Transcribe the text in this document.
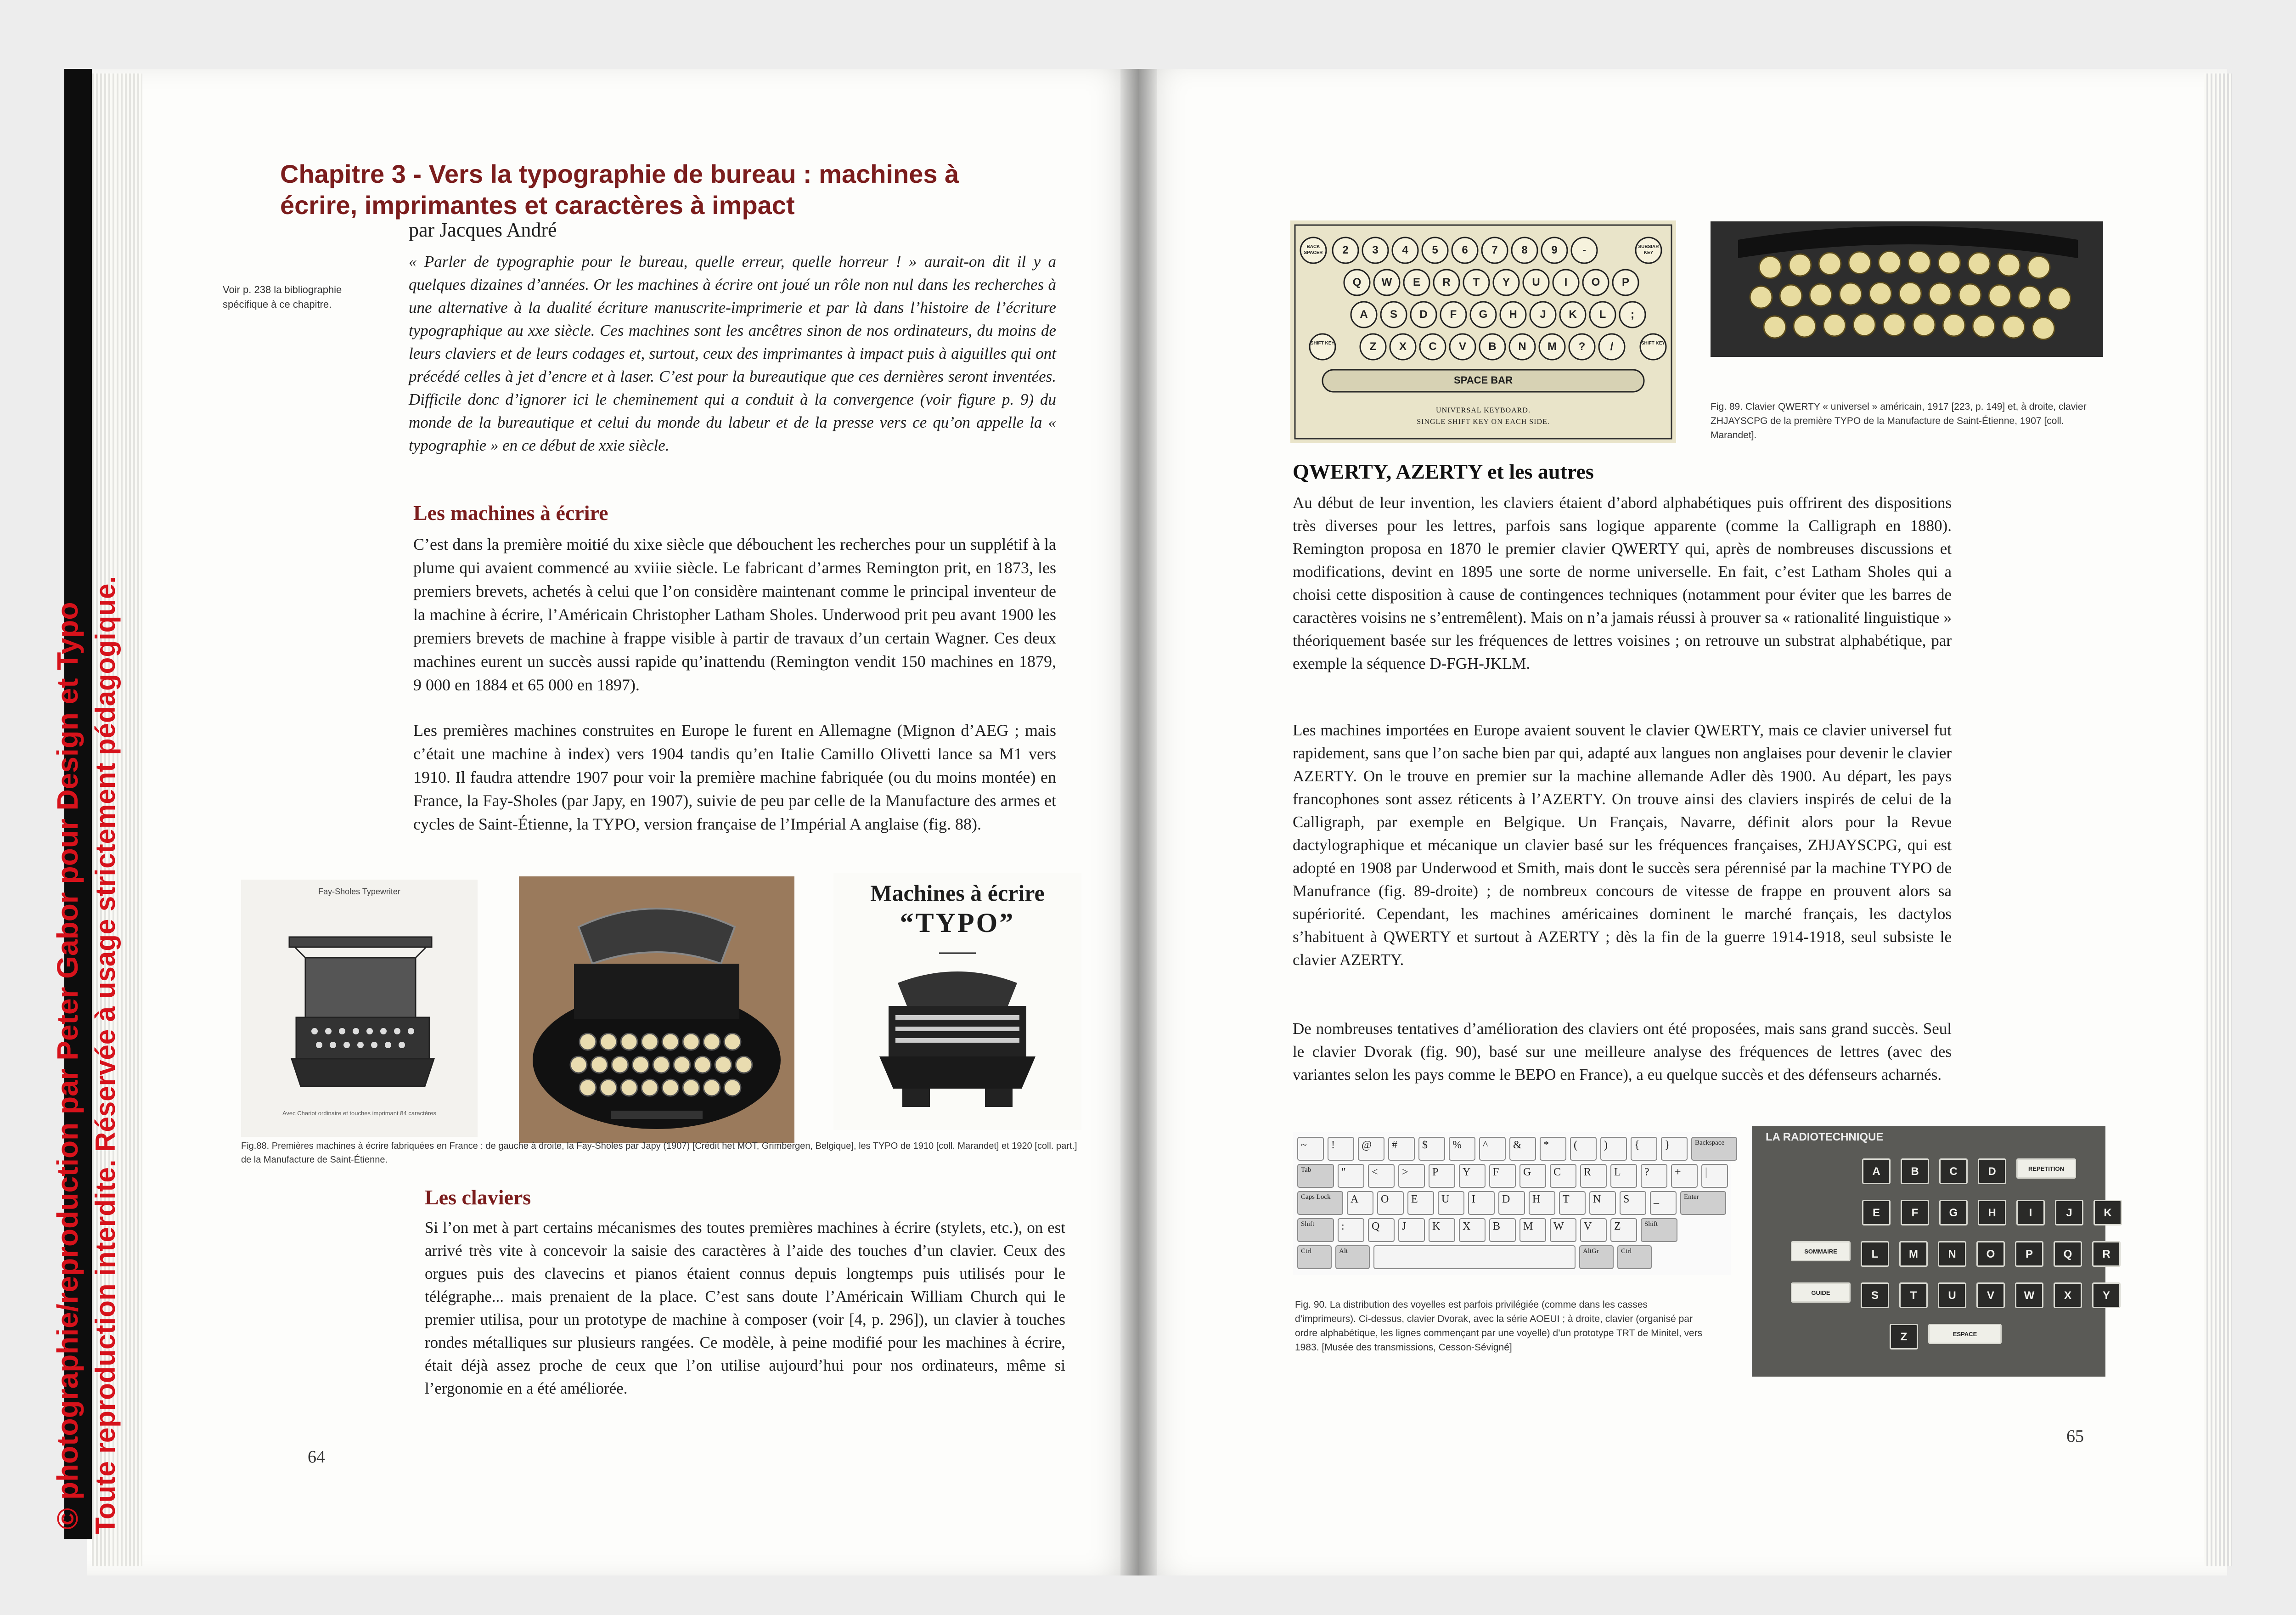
Chapitre 3 - Vers la typographie de bureau : machines à écrire, imprimantes et caractères à impact
par Jacques André
Voir p. 238 la bibliographie spécifique à ce chapitre.
« Parler de typographie pour le bureau, quelle erreur, quelle horreur ! » aurait-on dit il y a quelques dizaines d’années. Or les machines à écrire ont joué un rôle non nul dans les recherches à une alternative à la dualité écriture manuscrite-imprimerie et par là dans l’histoire de l’écriture typographique au xxe siècle. Ces machines sont les ancêtres sinon de nos ordinateurs, du moins de leurs claviers et de leurs codages et, surtout, ceux des imprimantes à impact puis à aiguilles qui ont précédé celles à jet d’encre et à laser. C’est pour la bureautique que ces dernières seront inventées. Difficile donc d’ignorer ici le cheminement qui a conduit à la convergence (voir figure p. 9) du monde de la bureautique et celui du monde du labeur et de la presse vers ce qu’on appelle la « typographie » en ce début de xxie siècle.
Les machines à écrire
C’est dans la première moitié du xixe siècle que débouchent les recherches pour un supplétif à la plume qui avaient commencé au xviiie siècle. Le fabricant d’armes Remington prit, en 1873, les premiers brevets, achetés à celui que l’on considère maintenant comme le principal inventeur de la machine à écrire, l’Américain Christopher Latham Sholes. Underwood prit peu avant 1900 les premiers brevets de machine à frappe visible à partir de travaux d’un certain Wagner. Ces deux machines eurent un succès aussi rapide qu’inattendu (Remington vendit 150 machines en 1879, 9 000 en 1884 et 65 000 en 1897).
Les premières machines construites en Europe le furent en Allemagne (Mignon d’AEG ; mais c’était une machine à index) vers 1904 tandis qu’en Italie Camillo Olivetti lance sa M1 vers 1910. Il faudra attendre 1907 pour voir la première machine fabriquée (ou du moins montée) en France, la Fay-Sholes (par Japy, en 1907), suivie de peu par celle de la Manufacture des armes et cycles de Saint-Étienne, la TYPO, version française de l’Impérial A anglaise (fig. 88).
Fay-Sholes Typewriter
Avec Chariot ordinaire et touches imprimant 84 caractères
Machines à écrire
“TYPO”
Fig.88. Premières machines à écrire fabriquées en France : de gauche à droite, la Fay-Sholes par Japy (1907) [Crédit het MOT, Grimbergen, Belgique], les TYPO de 1910 [coll. Marandet] et 1920 [coll. part.] de la Manufacture de Saint-Étienne.
Les claviers
Si l’on met à part certains mécanismes des toutes premières machines à écrire (stylets, etc.), on est arrivé très vite à concevoir la saisie des caractères à l’aide des touches d’un clavier. Ceux des orgues puis des clavecins et pianos étaient connus depuis longtemps puis utilisés pour le télégraphe... mais prenaient de la place. C’est sans doute l’Américain William Church qui le premier utilisa, pour un prototype de machine à composer (voir [4, p. 296]), un clavier à touches rondes métalliques sur plusieurs rangées. Ce modèle, à peine modifié pour les machines à écrire, était déjà assez proche de ceux que l’on utilise aujourd’hui pour nos ordinateurs, même si l’ergonomie en a été améliorée.
64
SPACE BAR
UNIVERSAL KEYBOARD.
SINGLE SHIFT KEY ON EACH SIDE.
BACK SPACER	2	3	4	5	6	7	8	9	-	SUBSIAR KEY
Q	W	E	R	T	Y	U	I	O	P
A	S	D	F	G	H	J	K	L	;
SHIFT KEY	Z	X	C	V	B	N	M	?	/	SHIFT KEY
Fig. 89. Clavier QWERTY « universel » américain, 1917 [223, p. 149] et, à droite, clavier ZHJAYSCPG de la première TYPO de la Manufacture de Saint-Étienne, 1907 [coll. Marandet].
QWERTY, AZERTY et les autres
Au début de leur invention, les claviers étaient d’abord alphabétiques puis offrirent des dispositions très diverses pour les lettres, parfois sans logique apparente (comme la Calligraph en 1880). Remington proposa en 1870 le premier clavier QWERTY qui, après de nombreuses discussions et modifications, devint en 1895 une sorte de norme universelle. En fait, c’est Latham Sholes qui a choisi cette disposition à cause de contingences techniques (notamment pour éviter que les barres de caractères voisins ne s’entremêlent). Mais on n’a jamais réussi à prouver sa « rationalité linguistique » théoriquement basée sur les fréquences de lettres voisines ; on retrouve un substrat alphabétique, par exemple la séquence D-FGH-JKLM.
Les machines importées en Europe avaient souvent le clavier QWERTY, mais ce clavier universel fut rapidement, sans que l’on sache bien par qui, adapté aux langues non anglaises pour devenir le clavier AZERTY. On le trouve en premier sur la machine allemande Adler dès 1900. Au départ, les pays francophones sont assez réticents à l’AZERTY. On trouve ainsi des claviers inspirés de celui de la Calligraph, par exemple en Belgique. Un Français, Navarre, définit alors pour la Revue dactylographique et mécanique un clavier basé sur les fréquences françaises, ZHJAYSCPG, qui est adopté en 1908 par Underwood et Smith, mais dont le succès sera pérennisé par la machine TYPO de Manufrance (fig. 89-droite) ; de nombreux concours de vitesse de frappe en prouvent alors sa supériorité. Cependant, les machines américaines dominent le marché français, les dactylos s’habituent à QWERTY et surtout à AZERTY ; dès la fin de la guerre 1914-1918, seul subsiste le clavier AZERTY.
De nombreuses tentatives d’amélioration des claviers ont été proposées, mais sans grand succès. Seul le clavier Dvorak (fig. 90), basé sur une meilleure analyse des fréquences de lettres (avec des variantes selon les pays comme le BEPO en France), a eu quelque succès et des défenseurs acharnés.
~	!	@	#	$	%	^	&	*	(	)	{	}	Backspace
Tab	"	<	>	P	Y	F	G	C	R	L	?	+	|
Caps Lock	A	O	E	U	I	D	H	T	N	S	_	Enter
Shift	:	Q	J	K	X	B	M	W	V	Z	Shift
Ctrl	Alt	AltGr	Ctrl
LA RADIOTECHNIQUE
A	B	C	D	REPETITION
E	F	G	H	I	J	K
SOMMAIRE	L	M	N	O	P	Q	R
GUIDE	S	T	U	V	W	X	Y
Z	ESPACE
Fig. 90. La distribution des voyelles est parfois privilégiée (comme dans les casses d’imprimeurs). Ci-dessus, clavier Dvorak, avec la série AOEUI ; à droite, clavier (organisé par ordre alphabétique, les lignes commençant par une voyelle) d’un prototype TRT de Minitel, vers 1983. [Musée des transmissions, Cesson-Sévigné]
65
© photographie/reproduction par Peter Gabor pour Design et Typo Toute reproduction interdite. Réservée à usage strictement pédagogique.
